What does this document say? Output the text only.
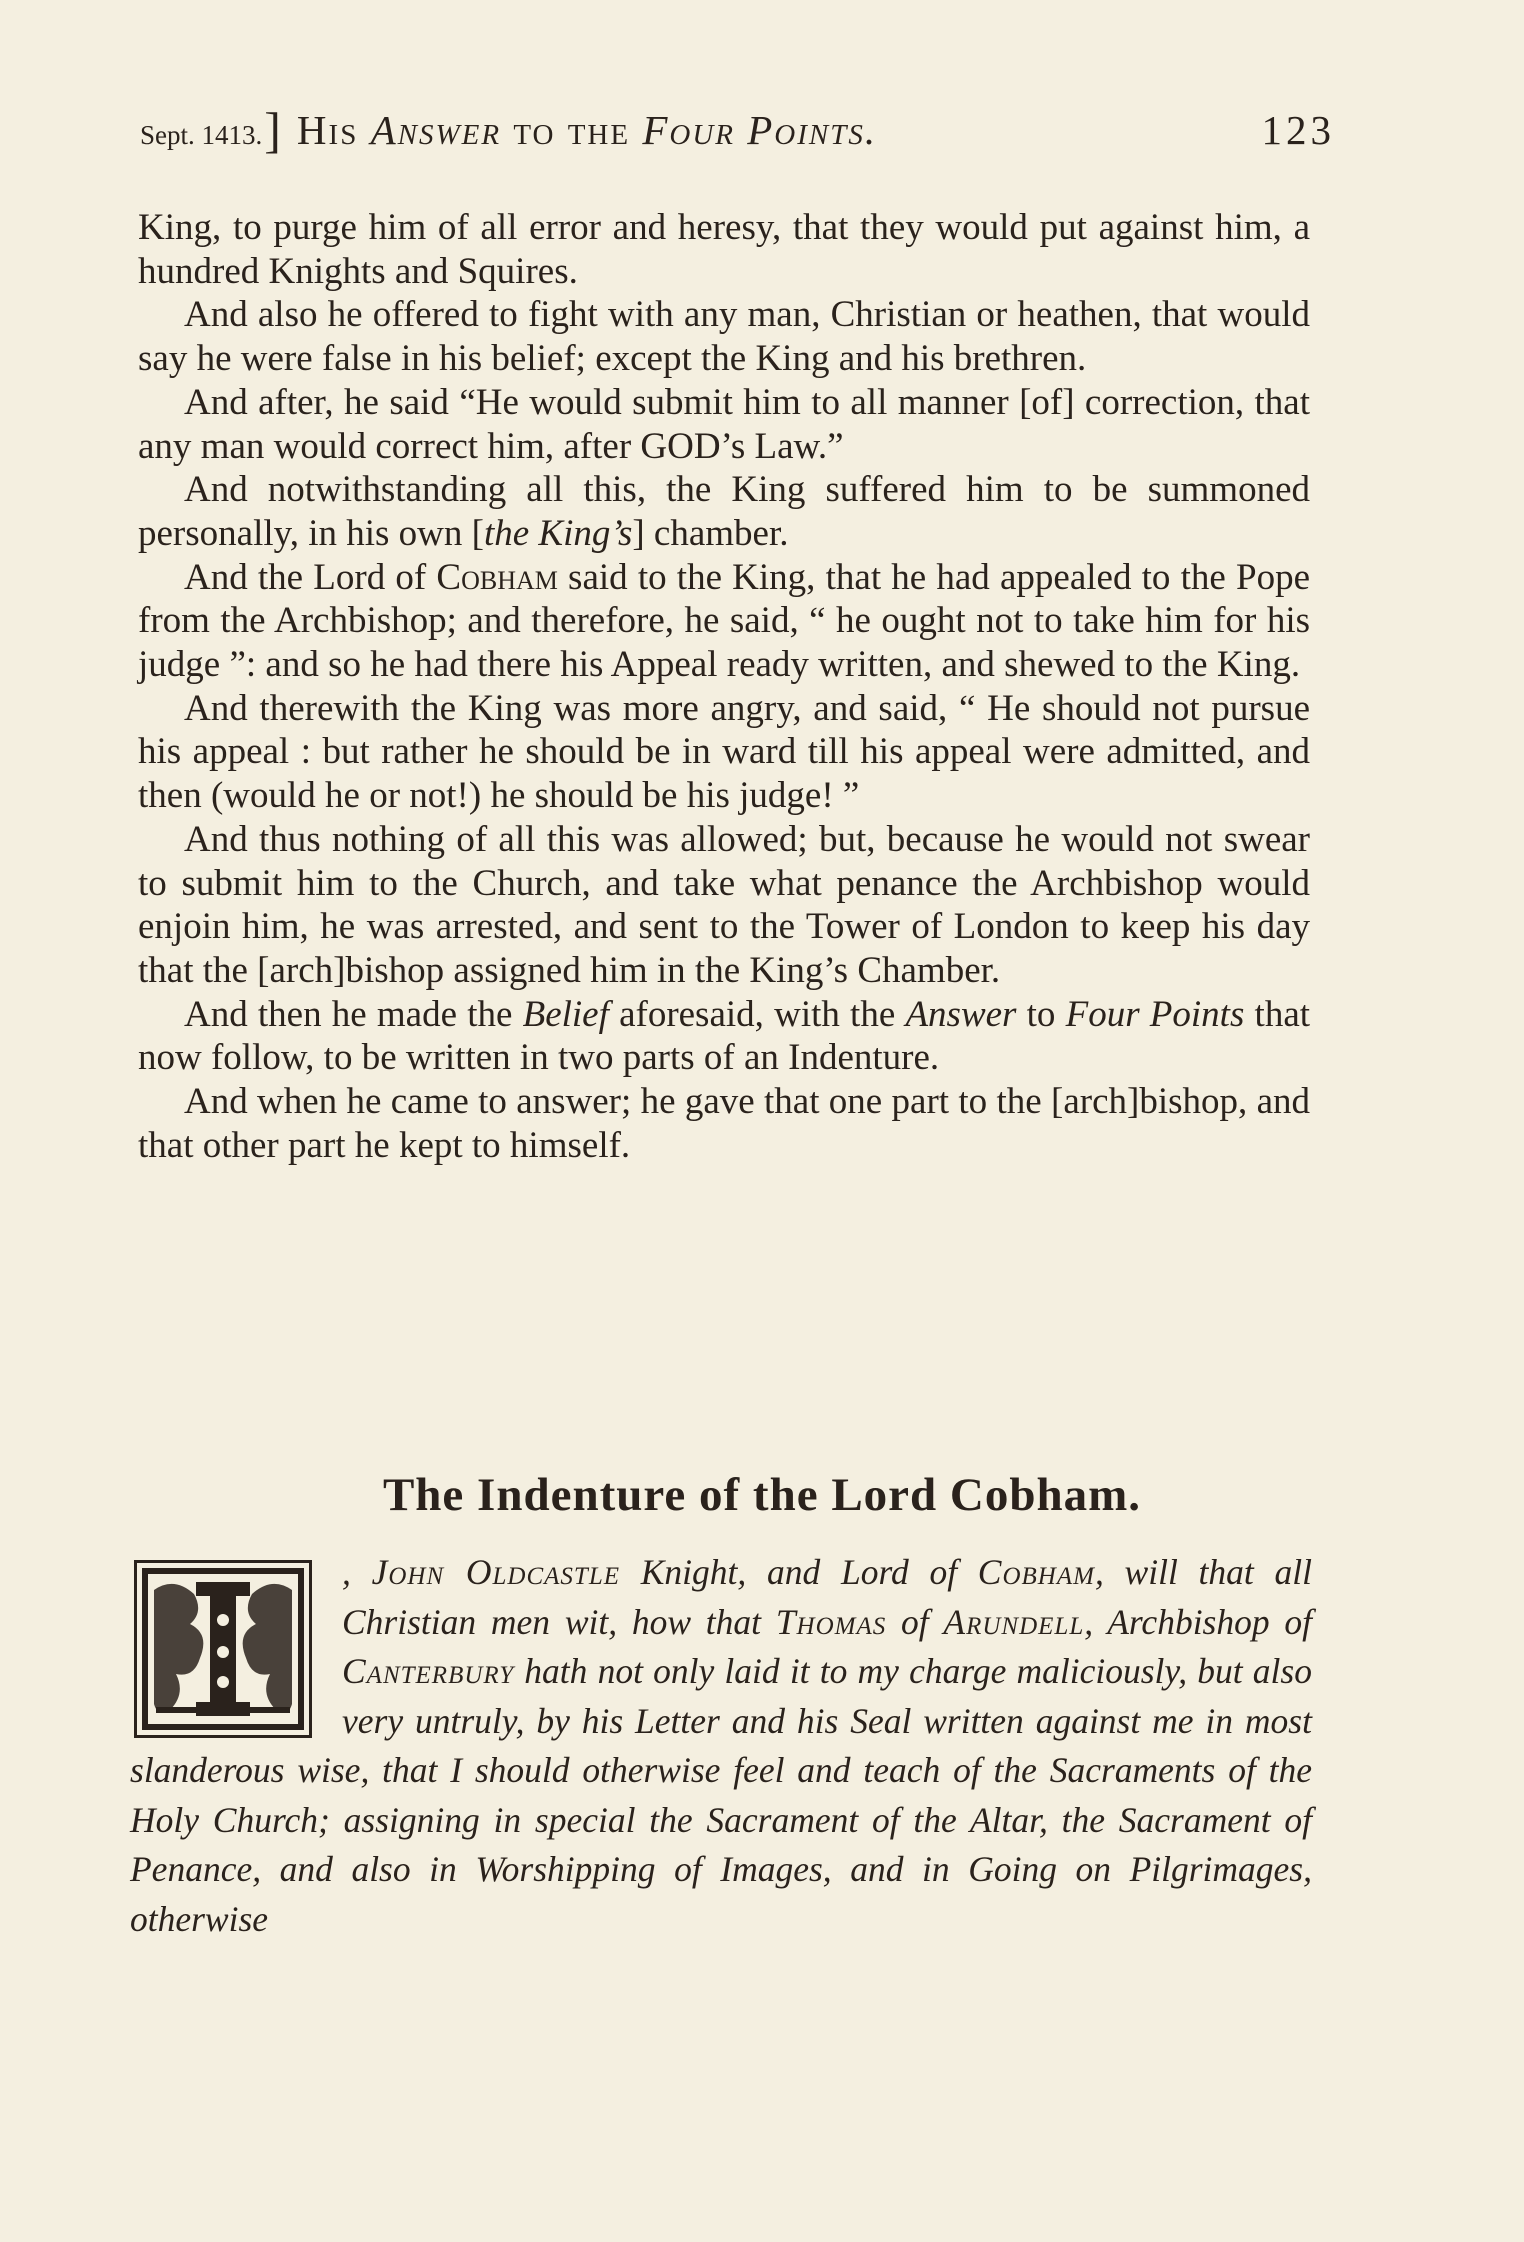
Sept. 1413. ] His Answer to the Four Points.	123

King, to purge him of all error and heresy, that they would put against him, a hundred Knights and Squires.

And also he offered to fight with any man, Christian or heathen, that would say he were false in his belief; except the King and his brethren.

And after, he said “He would submit him to all manner [of] correction, that any man would correct him, after GOD’s Law.”

And notwithstanding all this, the King suffered him to be summoned personally, in his own [the King’s] chamber.

And the Lord of Cobham said to the King, that he had appealed to the Pope from the Archbishop; and therefore, he said, “ he ought not to take him for his judge ”: and so he had there his Appeal ready written, and shewed to the King.

And therewith the King was more angry, and said, “ He should not pursue his appeal : but rather he should be in ward till his appeal were admitted, and then (would he or not!) he should be his judge! ”

And thus nothing of all this was allowed; but, because he would not swear to submit him to the Church, and take what penance the Archbishop would enjoin him, he was arrested, and sent to the Tower of London to keep his day that the [arch]bishop assigned him in the King’s Chamber.

And then he made the Belief aforesaid, with the Answer to Four Points that now follow, to be written in two parts of an Indenture.

And when he came to answer; he gave that one part to the [arch]bishop, and that other part he kept to himself.

The Indenture of the Lord Cobham.
, John Oldcastle Knight, and Lord of Cobham, will that all Christian men wit, how that Thomas of Arundell, Archbishop of Canterbury hath not only laid it to my charge maliciously, but also very untruly, by his Letter and his Seal written against me in most slanderous wise, that I should otherwise feel and teach of the Sacraments of the Holy Church; assigning in special the Sacrament of the Altar, the Sacrament of Penance, and also in Worshipping of Images, and in Going on Pilgrimages, otherwise
